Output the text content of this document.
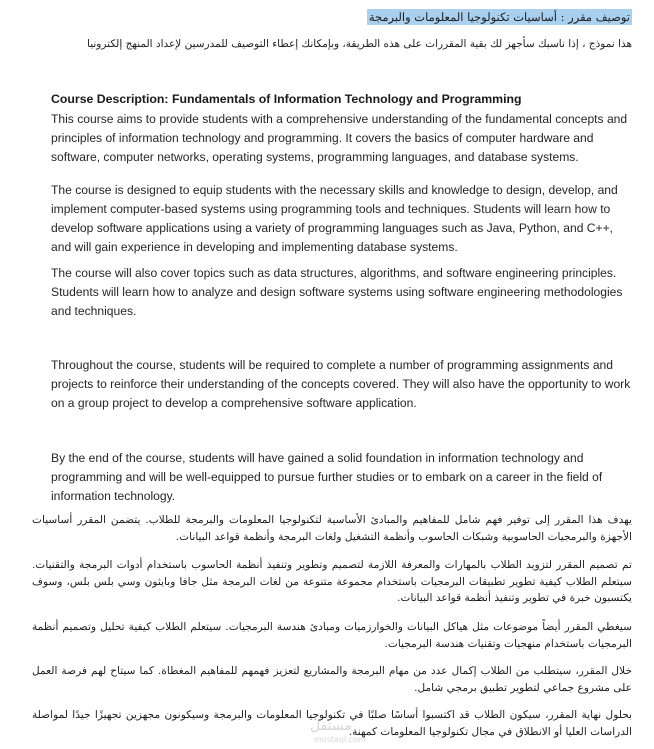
توصيف مقرر : أساسيات تكنولوجيا المعلومات والبرمجة
هذا نموذج ، إذا ناسبك سأجهز لك بقية المقررات على هذه الطريقة، وبإمكانك إعطاء التوصيف للمدرسين لإعداد المنهج إلكترونيا
Course Description: Fundamentals of Information Technology and Programming

This course aims to provide students with a comprehensive understanding of the fundamental concepts and principles of information technology and programming. It covers the basics of computer hardware and software, computer networks, operating systems, programming languages, and database systems.

The course is designed to equip students with the necessary skills and knowledge to design, develop, and implement computer-based systems using programming tools and techniques. Students will learn how to develop software applications using a variety of programming languages such as Java, Python, and C++, and will gain experience in developing and implementing database systems.

The course will also cover topics such as data structures, algorithms, and software engineering principles. Students will learn how to analyze and design software systems using software engineering methodologies and techniques.

Throughout the course, students will be required to complete a number of programming assignments and projects to reinforce their understanding of the concepts covered. They will also have the opportunity to work on a group project to develop a comprehensive software application.

By the end of the course, students will have gained a solid foundation in information technology and programming and will be well-equipped to pursue further studies or to embark on a career in the field of information technology.

يهدف هذا المقرر إلى توفير فهم شامل للمفاهيم والمبادئ الأساسية لتكنولوجيا المعلومات والبرمجة للطلاب. يتضمن المقرر أساسيات الأجهزة والبرمجيات الحاسوبية وشبكات الحاسوب وأنظمة التشغيل ولغات البرمجة وأنظمة قواعد البيانات.

تم تصميم المقرر لتزويد الطلاب بالمهارات والمعرفة اللازمة لتصميم وتطوير وتنفيذ أنظمة الحاسوب باستخدام أدوات البرمجة والتقنيات. سيتعلم الطلاب كيفية تطوير تطبيقات البرمجيات باستخدام مجموعة متنوعة من لغات البرمجة مثل جافا وبايثون وسي بلس بلس، وسوف يكتسبون خبرة في تطوير وتنفيذ أنظمة قواعد البيانات.

سيغطي المقرر أيضاً موضوعات مثل هياكل البيانات والخوارزميات ومبادئ هندسة البرمجيات. سيتعلم الطلاب كيفية تحليل وتصميم أنظمة البرمجيات باستخدام منهجيات وتقنيات هندسة البرمجيات.

خلال المقرر، سيتطلب من الطلاب إكمال عدد من مهام البرمجة والمشاريع لتعزيز فهمهم للمفاهيم المغطاة. كما سيتاح لهم فرصة العمل على مشروع جماعي لتطوير تطبيق برمجي شامل.

بحلول نهاية المقرر، سيكون الطلاب قد اكتسبوا أساسًا صلبًا في تكنولوجيا المعلومات والبرمجة وسيكونون مجهزين تجهيزًا جيدًا لمواصلة الدراسات العليا أو الانطلاق في مجال تكنولوجيا المعلومات كمهنة.

مستقل
mostaql.com
